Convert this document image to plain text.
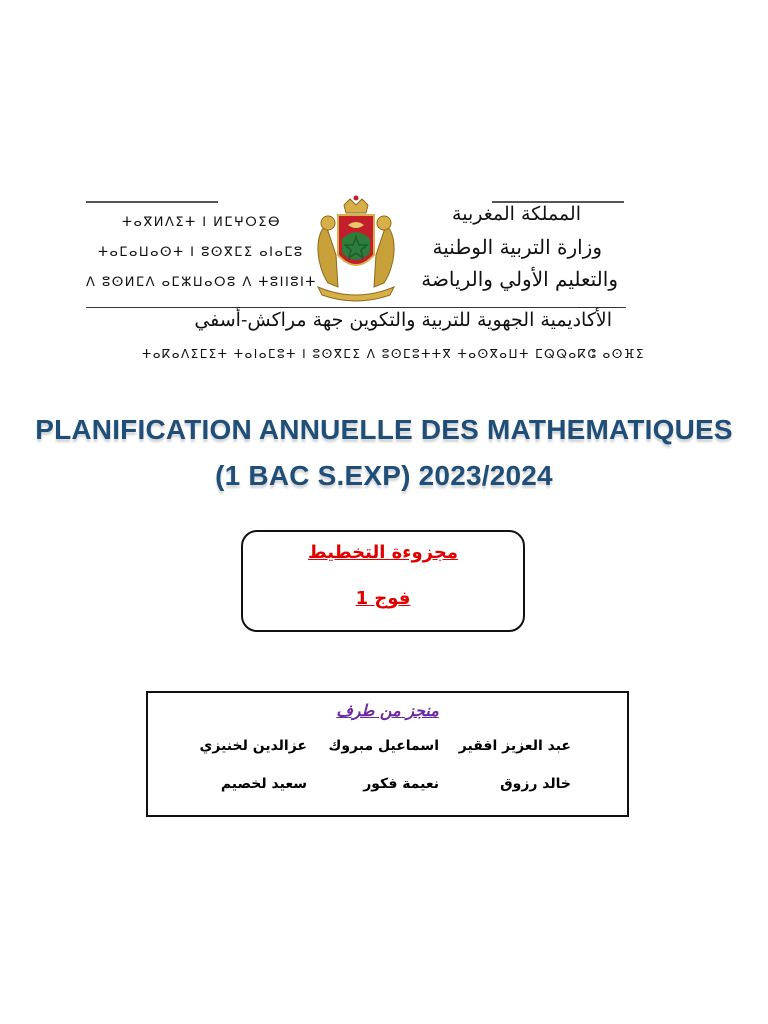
ⵜⴰⴳⵍⴷⵉⵜ ⵏ ⵍⵎⵖⵔⵉⴱ
ⵜⴰⵎⴰⵡⴰⵙⵜ ⵏ ⵓⵙⴳⵎⵉ ⴰⵏⴰⵎⵓ
ⴷ ⵓⵙⵍⵎⴷ ⴰⵎⵣⵡⴰⵔⵓ ⴷ ⵜⵓⵏⵏⵓⵏⵜ
المملكة المغربية
وزارة التربية الوطنية
والتعليم الأولي والرياضة
الأكاديمية الجهوية للتربية والتكوين جهة مراكش-أسفي
ⵜⴰⴽⴰⴷⵉⵎⵉⵜ ⵜⴰⵏⴰⵎⵓⵜ ⵏ ⵓⵙⴳⵎⵉ ⴷ ⵓⵙⵎⵓⵜⵜⴳ ⵜⴰⵙⴳⴰⵡⵜ ⵎⵕⵕⴰⴽⵛ ⴰⵙⴼⵉ
PLANIFICATION ANNUELLE DES MATHEMATIQUES
(1 BAC S.EXP) 2023/2024
مجزوءة التخطيط
فوج 1
منجز من طرف
عبد العزيز افقير
اسماعيل مبروك
عزالدين لخنيزي
خالد رزوق
نعيمة فكور
سعيد لخصيم
